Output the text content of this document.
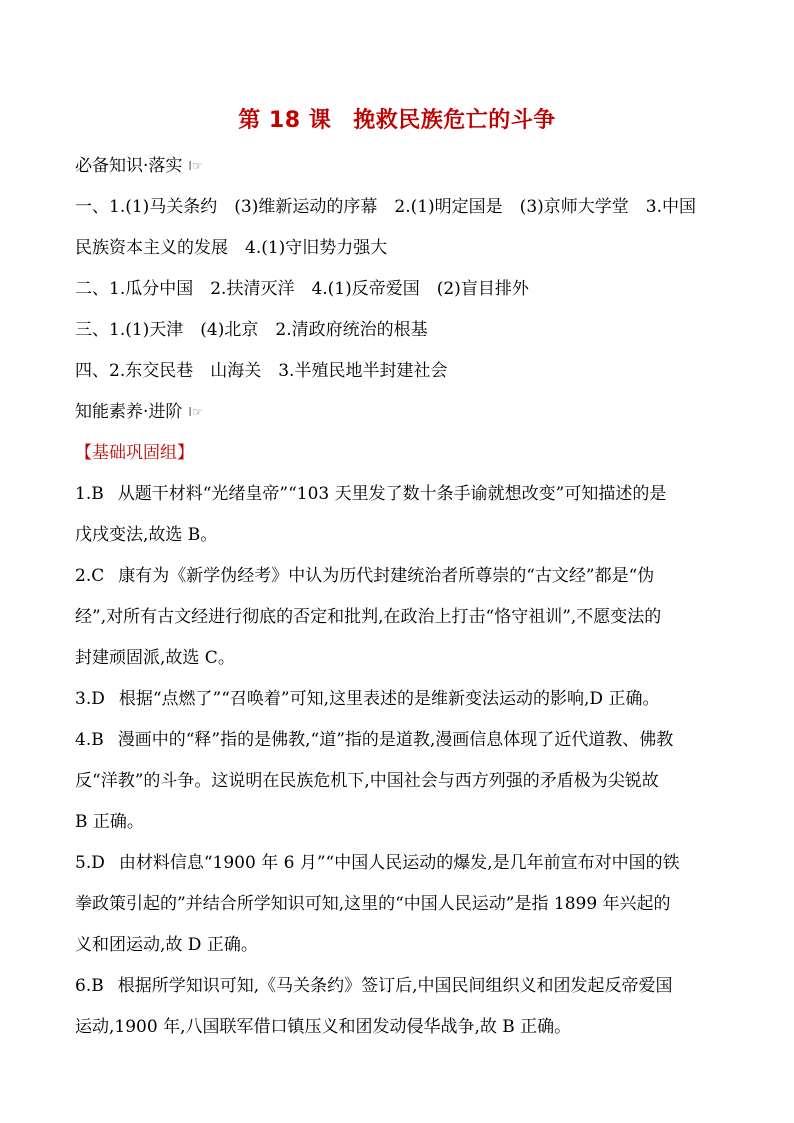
第 18 课 挽救民族危亡的斗争
必备知识·落实 I☞
一、1.(1)马关条约　(3)维新运动的序幕　2.(1)明定国是　(3)京师大学堂　3.中国
民族资本主义的发展　4.(1)守旧势力强大
二、1.瓜分中国　2.扶清灭洋　4.(1)反帝爱国　(2)盲目排外
三、1.(1)天津　(4)北京　2.清政府统治的根基
四、2.东交民巷　山海关　3.半殖民地半封建社会
知能素养·进阶 I☞
【基础巩固组】
1.B 从题干材料“光绪皇帝”“103 天里发了数十条手谕就想改变”可知描述的是
戊戌变法,故选 B。
2.C 康有为《新学伪经考》中认为历代封建统治者所尊崇的“古文经”都是“伪
经”,对所有古文经进行彻底的否定和批判,在政治上打击“恪守祖训”,不愿变法的
封建顽固派,故选 C。
3.D 根据“点燃了”“召唤着”可知,这里表述的是维新变法运动的影响,D 正确。
4.B 漫画中的“释”指的是佛教,“道”指的是道教,漫画信息体现了近代道教、佛教
反“洋教”的斗争。这说明在民族危机下,中国社会与西方列强的矛盾极为尖锐故
B 正确。
5.D 由材料信息“1900 年 6 月”“中国人民运动的爆发,是几年前宣布对中国的铁
拳政策引起的”并结合所学知识可知,这里的“中国人民运动”是指 1899 年兴起的
义和团运动,故 D 正确。
6.B 根据所学知识可知,《马关条约》签订后,中国民间组织义和团发起反帝爱国
运动,1900 年,八国联军借口镇压义和团发动侵华战争,故 B 正确。
